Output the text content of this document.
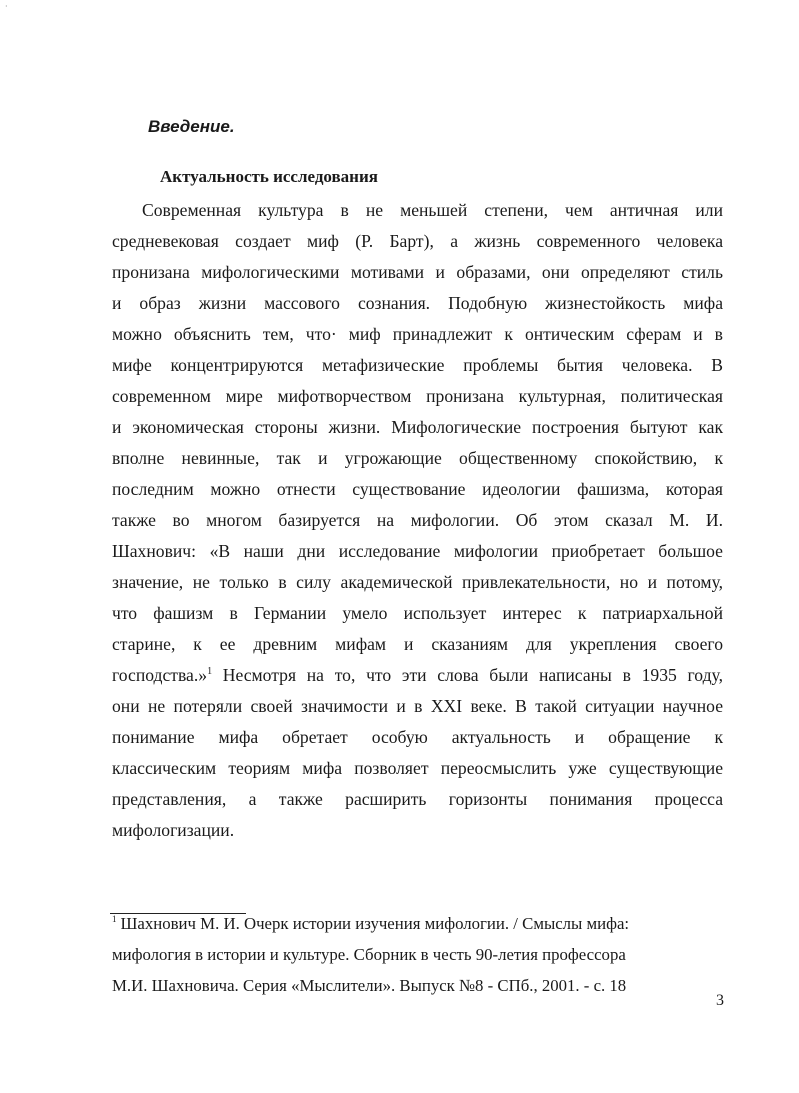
·
Введение.
Актуальность исследования
Современная культура в не меньшей степени, чем античная или
средневековая создает миф (Р. Барт), а жизнь современного человека
пронизана мифологическими мотивами и образами, они определяют стиль
и образ жизни массового сознания. Подобную жизнестойкость мифа
можно объяснить тем, что· миф принадлежит к онтическим сферам и в
мифе концентрируются метафизические проблемы бытия человека. В
современном мире мифотворчеством пронизана культурная, политическая
и экономическая стороны жизни. Мифологические построения бытуют как
вполне невинные, так и угрожающие общественному спокойствию, к
последним можно отнести существование идеологии фашизма, которая
также во многом базируется на мифологии. Об этом сказал М. И.
Шахнович: «В наши дни исследование мифологии приобретает большое
значение, не только в силу академической привлекательности, но и потому,
что фашизм в Германии умело использует интерес к патриархальной
старине, к ее древним мифам и сказаниям для укрепления своего
господства.»$^1$ Несмотря на то, что эти слова были написаны в 1935 году,
они не потеряли своей значимости и в XXI веке. В такой ситуации научное
понимание мифа обретает особую актуальность и обращение к
классическим теориям мифа позволяет переосмыслить уже существующие
представления, а также расширить горизонты понимания процесса
мифологизации.
$^1$ Шахнович М. И. Очерк истории изучения мифологии. / Смыслы мифа:
мифология в истории и культуре. Сборник в честь 90-летия профессора
М.И. Шахновича. Серия «Мыслители». Выпуск №8 - СПб., 2001. - с. 18
3
